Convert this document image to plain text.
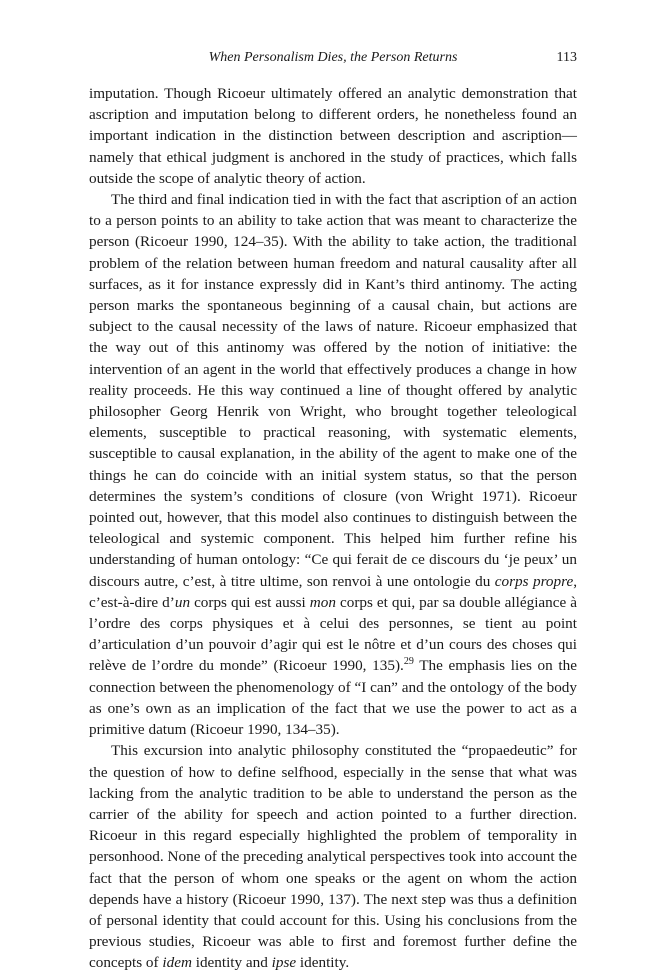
When Personalism Dies, the Person Returns	113

imputation. Though Ricoeur ultimately offered an analytic demonstration that ascription and imputation belong to different orders, he nonetheless found an important indication in the distinction between description and ascription—namely that ethical judgment is anchored in the study of practices, which falls outside the scope of analytic theory of action.

The third and final indication tied in with the fact that ascription of an action to a person points to an ability to take action that was meant to characterize the person (Ricoeur 1990, 124–35). With the ability to take action, the traditional problem of the relation between human freedom and natural causality after all surfaces, as it for instance expressly did in Kant’s third antinomy. The acting person marks the spontaneous beginning of a causal chain, but actions are subject to the causal necessity of the laws of nature. Ricoeur emphasized that the way out of this antinomy was offered by the notion of initiative: the intervention of an agent in the world that effectively produces a change in how reality proceeds. He this way continued a line of thought offered by analytic philosopher Georg Henrik von Wright, who brought together teleological elements, susceptible to practical reasoning, with systematic elements, susceptible to causal explanation, in the ability of the agent to make one of the things he can do coincide with an initial system status, so that the person determines the system’s conditions of closure (von Wright 1971). Ricoeur pointed out, however, that this model also continues to distinguish between the teleological and systemic component. This helped him further refine his understanding of human ontology: “Ce qui ferait de ce discours du ‘je peux’ un discours autre, c’est, à titre ultime, son renvoi à une ontologie du corps propre, c’est-à-dire d’un corps qui est aussi mon corps et qui, par sa double allégiance à l’ordre des corps physiques et à celui des personnes, se tient au point d’articulation d’un pouvoir d’agir qui est le nôtre et d’un cours des choses qui relève de l’ordre du monde” (Ricoeur 1990, 135).$^{29}$ The emphasis lies on the connection between the phenomenology of “I can” and the ontology of the body as one’s own as an implication of the fact that we use the power to act as a primitive datum (Ricoeur 1990, 134–35).

This excursion into analytic philosophy constituted the “propaedeutic” for the question of how to define selfhood, especially in the sense that what was lacking from the analytic tradition to be able to understand the person as the carrier of the ability for speech and action pointed to a further direction. Ricoeur in this regard especially highlighted the problem of temporality in personhood. None of the preceding analytical perspectives took into account the fact that the person of whom one speaks or the agent on whom the action depends have a history (Ricoeur 1990, 137). The next step was thus a definition of personal identity that could account for this. Using his conclusions from the previous studies, Ricoeur was able to first and foremost further define the concepts of idem identity and ipse identity.
